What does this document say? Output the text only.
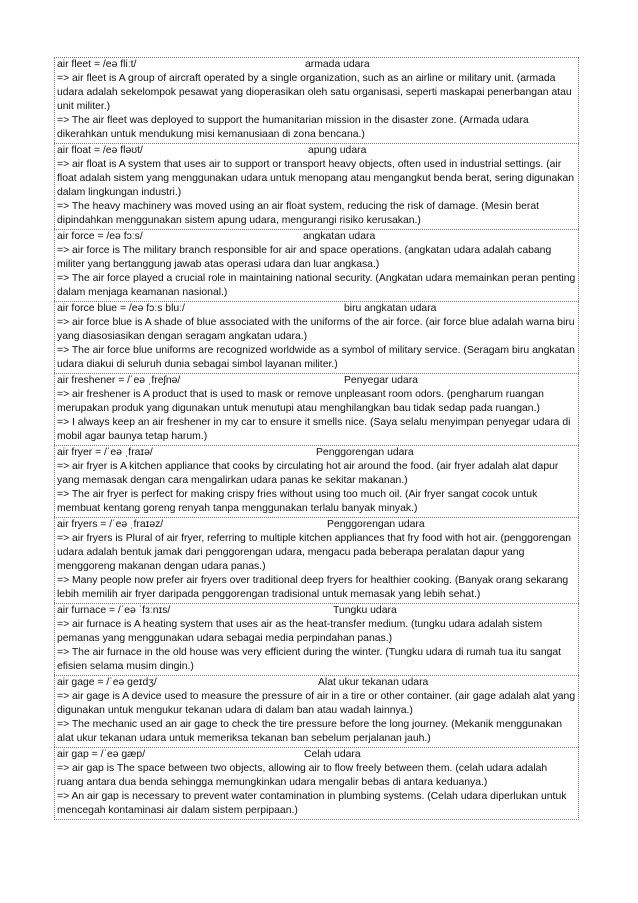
air fleet = /eə fliːt/	armada udara
=> air fleet is A group of aircraft operated by a single organization, such as an airline or military unit. (armada udara adalah sekelompok pesawat yang dioperasikan oleh satu organisasi, seperti maskapai penerbangan atau unit militer.)
=> The air fleet was deployed to support the humanitarian mission in the disaster zone. (Armada udara dikerahkan untuk mendukung misi kemanusiaan di zona bencana.)
air float = /eə fləʊt/	apung udara
=> air float is A system that uses air to support or transport heavy objects, often used in industrial settings. (air float adalah sistem yang menggunakan udara untuk menopang atau mengangkut benda berat, sering digunakan dalam lingkungan industri.)
=> The heavy machinery was moved using an air float system, reducing the risk of damage. (Mesin berat dipindahkan menggunakan sistem apung udara, mengurangi risiko kerusakan.)
air force = /eə fɔːs/	angkatan udara
=> air force is The military branch responsible for air and space operations. (angkatan udara adalah cabang militer yang bertanggung jawab atas operasi udara dan luar angkasa.)
=> The air force played a crucial role in maintaining national security. (Angkatan udara memainkan peran penting dalam menjaga keamanan nasional.)
air force blue = /eə fɔːs bluː/	biru angkatan udara
=> air force blue is A shade of blue associated with the uniforms of the air force. (air force blue adalah warna biru yang diasosiasikan dengan seragam angkatan udara.)
=> The air force blue uniforms are recognized worldwide as a symbol of military service. (Seragam biru angkatan udara diakui di seluruh dunia sebagai simbol layanan militer.)
air freshener = /ˈeə ˌfreʃnə/	Penyegar udara
=> air freshener is A product that is used to mask or remove unpleasant room odors. (pengharum ruangan merupakan produk yang digunakan untuk menutupi atau menghilangkan bau tidak sedap pada ruangan.)
=> I always keep an air freshener in my car to ensure it smells nice. (Saya selalu menyimpan penyegar udara di mobil agar baunya tetap harum.)
air fryer = /ˈeə ˌfraɪə/	Penggorengan udara
=> air fryer is A kitchen appliance that cooks by circulating hot air around the food. (air fryer adalah alat dapur yang memasak dengan cara mengalirkan udara panas ke sekitar makanan.)
=> The air fryer is perfect for making crispy fries without using too much oil. (Air fryer sangat cocok untuk membuat kentang goreng renyah tanpa menggunakan terlalu banyak minyak.)
air fryers = /ˈeə ˌfraɪəz/	Penggorengan udara
=> air fryers is Plural of air fryer, referring to multiple kitchen appliances that fry food with hot air. (penggorengan udara adalah bentuk jamak dari penggorengan udara, mengacu pada beberapa peralatan dapur yang menggoreng makanan dengan udara panas.)
=> Many people now prefer air fryers over traditional deep fryers for healthier cooking. (Banyak orang sekarang lebih memilih air fryer daripada penggorengan tradisional untuk memasak yang lebih sehat.)
air furnace = /ˈeə ˈfɜːnɪs/	Tungku udara
=> air furnace is A heating system that uses air as the heat-transfer medium. (tungku udara adalah sistem pemanas yang menggunakan udara sebagai media perpindahan panas.)
=> The air furnace in the old house was very efficient during the winter. (Tungku udara di rumah tua itu sangat efisien selama musim dingin.)
air gage = /ˈeə geɪdʒ/	Alat ukur tekanan udara
=> air gage is A device used to measure the pressure of air in a tire or other container. (air gage adalah alat yang digunakan untuk mengukur tekanan udara di dalam ban atau wadah lainnya.)
=> The mechanic used an air gage to check the tire pressure before the long journey. (Mekanik menggunakan alat ukur tekanan udara untuk memeriksa tekanan ban sebelum perjalanan jauh.)
air gap = /ˈeə gæp/	Celah udara
=> air gap is The space between two objects, allowing air to flow freely between them. (celah udara adalah ruang antara dua benda sehingga memungkinkan udara mengalir bebas di antara keduanya.)
=> An air gap is necessary to prevent water contamination in plumbing systems. (Celah udara diperlukan untuk mencegah kontaminasi air dalam sistem perpipaan.)
